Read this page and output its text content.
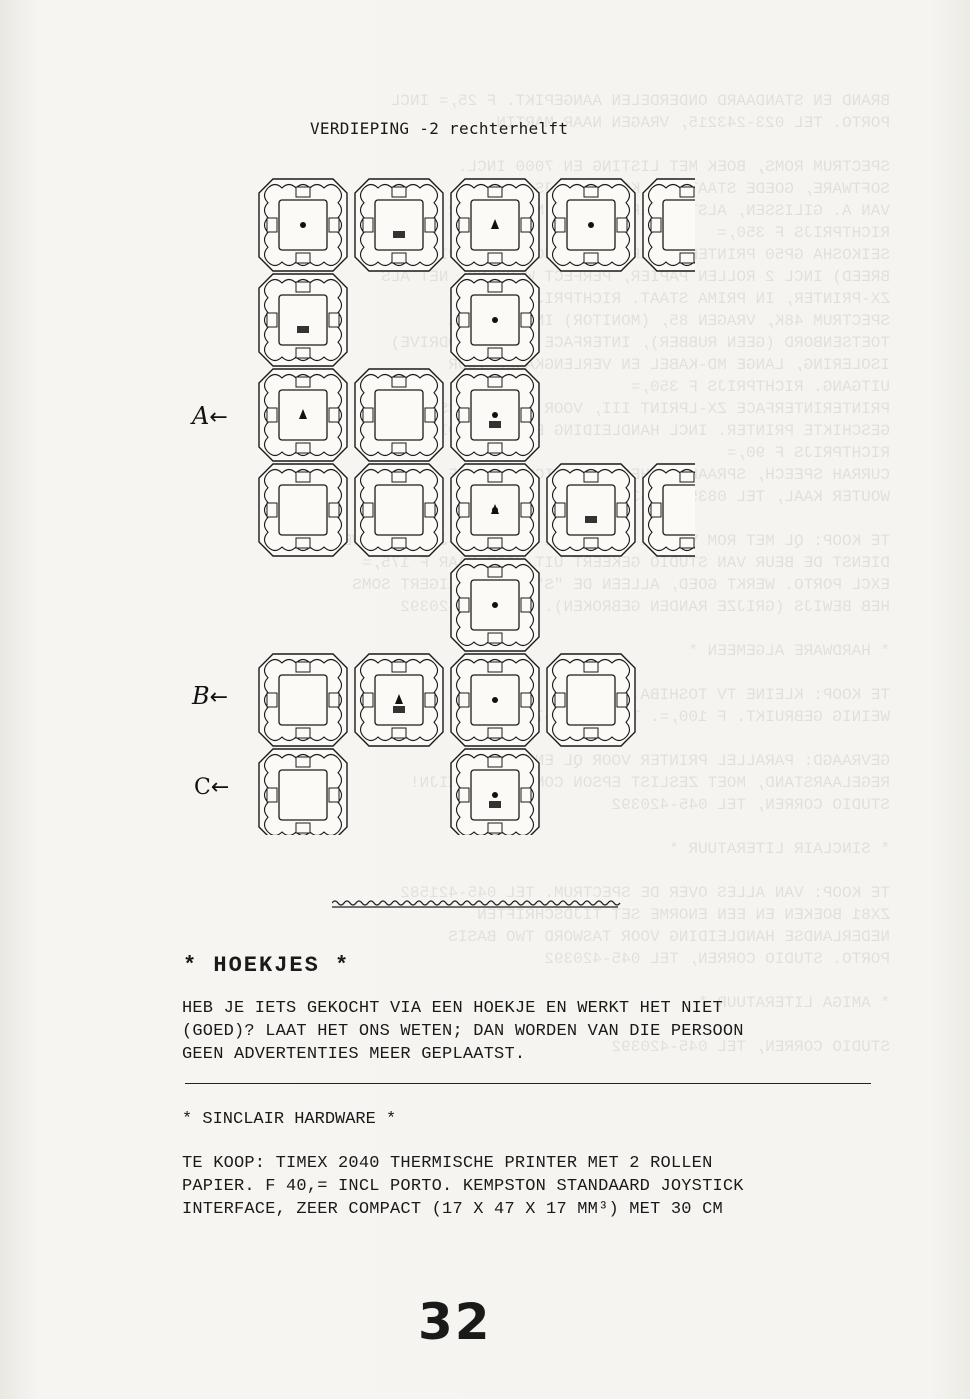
BRAND EN STANDAARD ONDERDELEN AANGEPIKT. F 25,= INCL
PORTO. TEL 023-243215, VRAGEN NAAR MARTIN.

SPECTRUM ROMS, BOEK MET LISTING EN 7000 INCL.
SOFTWARE, GOEDE STAAT,
VAN A. GILISSEN,
RICHTPRIJS F 350,=
SEIKOSHA GP50 PRINTER    PAPIER
BREED) INCL 2 ROLLEN PAPIER, PERFECT  NET ALS
ZX-PRINTER, IN PRIMA STAAT. RICHTPRIJS
SPECTRUM 48K, VRAGEN 85, (MONITOR) IN
TOETSENBORD (GEEN RUBBER), INTERFACE  (MICRODRIVE)
ISOLERING, LANGE MD-KABEL EN VERLENGKABEL
UITGANG. RICHTPRIJS F 350,=
PRINTERINTERFACE ZX-LPRINT III, VOOR
GESCHIKTE PRINTER. INCL HANDLEIDING
RICHTPRIJS F 90,=
CURRAH SPEECH,
WOUTER KAAL, TEL

TE KOOP: QL MET ROM
DIENST DE BEUR VAN STUDIO GEKEERT UIT  MAAR F 175,=
EXCL PORTO. WERKT GOED, ALLEEN DE  WEIGERT SOMS
HEB BEWIJS (GRIJZE RANDEN GEBROKEN).  045-420392

* HARDWARE ALGEMEEN *

TE KOOP: KLEINE TV TOSHIBA.
WEINIG GEBRUIKT. F 100,=.

GEVRAAGD: PARALLEL PRINTER VOOR QL EN
REGELAARSTAND, MOET ZESLIST EPSON  ZIJN!
STUDIO CORREN, TEL 045-420392

* SINCLAIR LITERATUUR *

TE KOOP: VAN ALLES OVER DE SPECTRUM. TEL 045-421582
ZX81 BOEKEN EN EEN ENORME SET TIJDSCHRIFTEN
NEDERLANDSE HANDLEIDING VOOR TASWORD TWO BASIS
PORTO. STUDIO CORREN, TEL 045-420392

* AMIGA LITERATUUR *

STUDIO CORREN, TEL 045-420392
VERDIEPING -2 rechterhelft
A←
B←
C←
* HOEKJES *
HEB JE IETS GEKOCHT VIA EEN HOEKJE EN WERKT HET NIET
(GOED)? LAAT HET ONS WETEN; DAN WORDEN VAN DIE PERSOON
GEEN ADVERTENTIES MEER GEPLAATST.
* SINCLAIR HARDWARE *
TE KOOP: TIMEX 2040 THERMISCHE PRINTER MET 2 ROLLEN
PAPIER. F 40,= INCL PORTO. KEMPSTON STANDAARD JOYSTICK
INTERFACE, ZEER COMPACT (17 X 47 X 17 MM³) MET 30 CM
32
